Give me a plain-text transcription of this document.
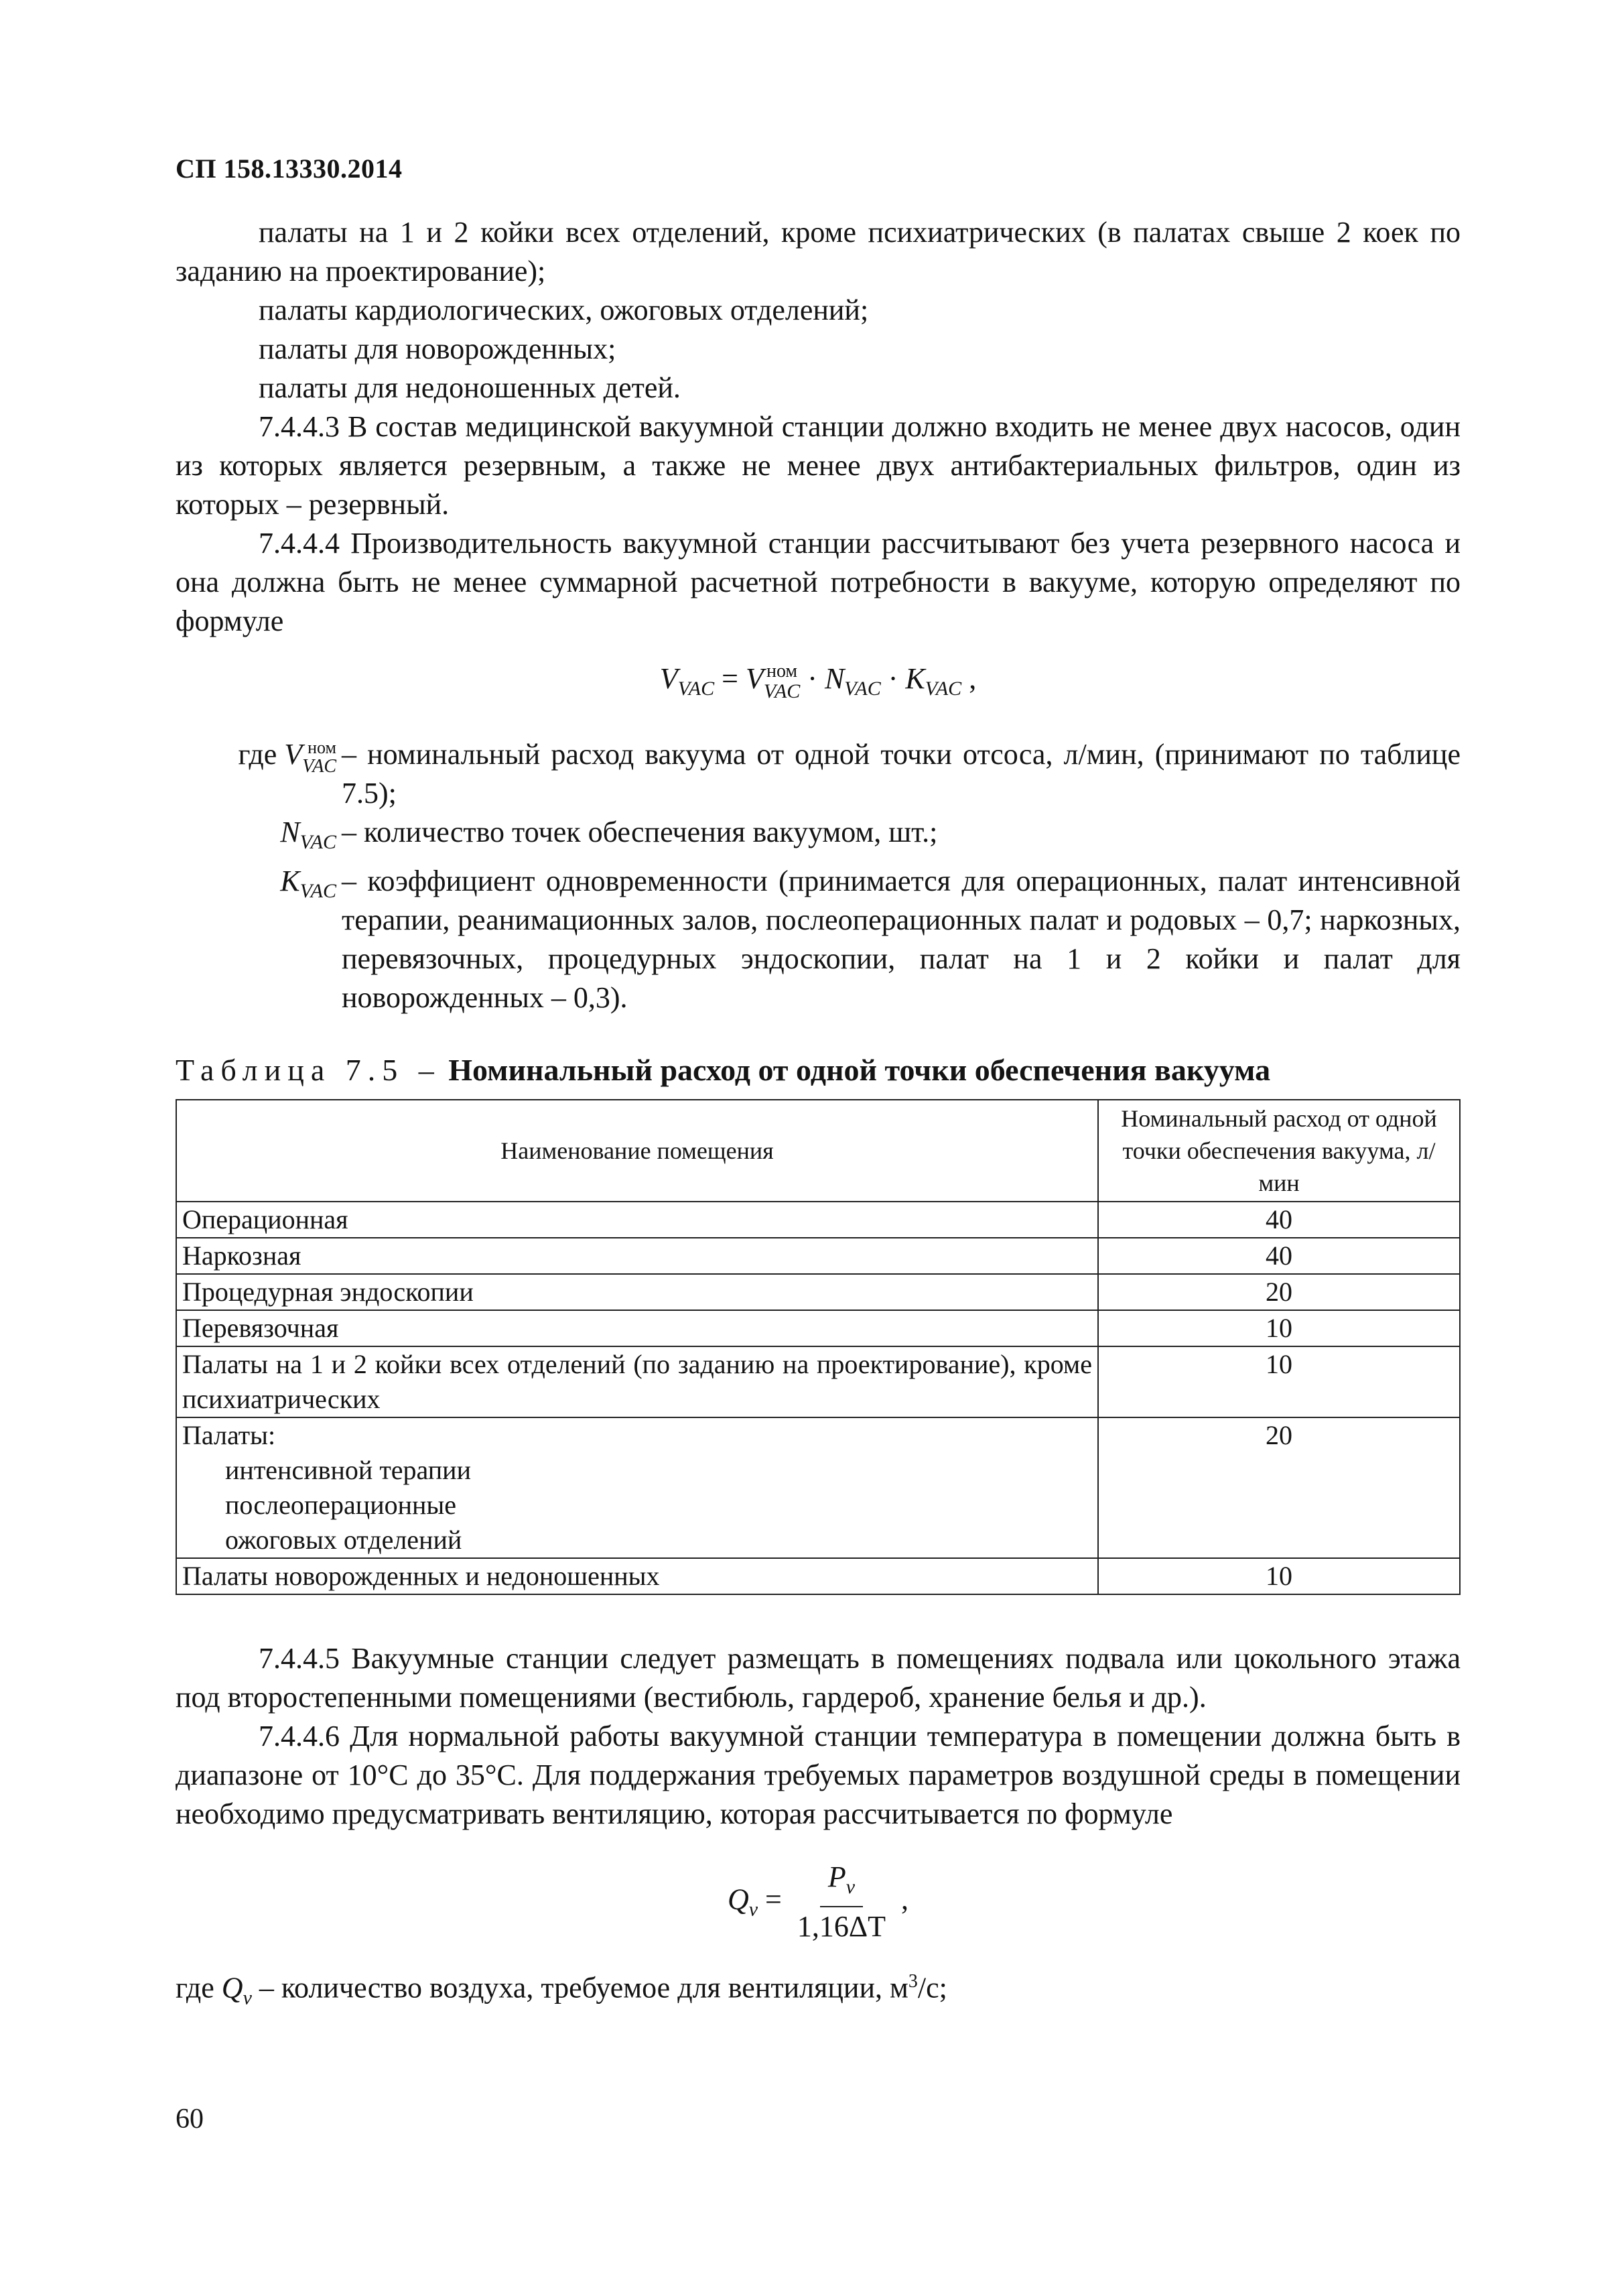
СП 158.13330.2014

палаты на 1 и 2 койки всех отделений, кроме психиатрических (в палатах свыше 2 коек по заданию на проектирование);

палаты кардиологических, ожоговых отделений;

палаты для новорожденных;

палаты для недоношенных детей.

7.4.4.3 В состав медицинской вакуумной станции должно входить не менее двух насосов, один из которых является резервным, а также не менее двух антибактериальных фильтров, один из которых – резервный.

7.4.4.4 Производительность вакуумной станции рассчитывают без учета резервного насоса и она должна быть не менее суммарной расчетной потребности в вакууме, которую определяют по формуле

$V_{VAC} = V$ ном
VAC · $N_{VAC} \cdot K_{VAC}$ ,
где V ном
VAC – номинальный расход вакуума от одной точки отсоса, л/мин, (принимают по таблице 7.5);
$N_{VAC}$ – количество точек обеспечения вакуумом, шт.;
$K_{VAC}$ – коэффициент одновременности (принимается для операционных, палат интенсивной терапии, реанимационных залов, послеоперационных палат и родовых – 0,7; наркозных, перевязочных, процедурных эндоскопии, палат на 1 и 2 койки и палат для новорожденных – 0,3).
Таблица 7.5 – Номинальный расход от одной точки обеспечения вакуума
Наименование помещения	Номинальный расход от одной точки обеспечения вакуума, л/мин
Операционная	40
Наркозная	40
Процедурная эндоскопии	20
Перевязочная	10
Палаты на 1 и 2 койки всех отделений (по заданию на проектирование), кроме психиатрических	10

Палаты:
интенсивной терапии
послеоперационные
ожоговых отделений	20
Палаты новорожденных и недоношенных	10

7.4.4.5 Вакуумные станции следует размещать в помещениях подвала или цокольного этажа под второстепенными помещениями (вестибюль, гардероб, хранение белья и др.).

7.4.4.6 Для нормальной работы вакуумной станции температура в помещении должна быть в диапазоне от 10°С до 35°С. Для поддержания требуемых параметров воздушной среды в помещении необходимо предусматривать вентиляцию, которая рассчитывается по формуле

$Q_v = \frac{P_v}{1,16\Delta T}$ ,

где $Q_v$ – количество воздуха, требуемое для вентиляции, $м^3/с$;

60
